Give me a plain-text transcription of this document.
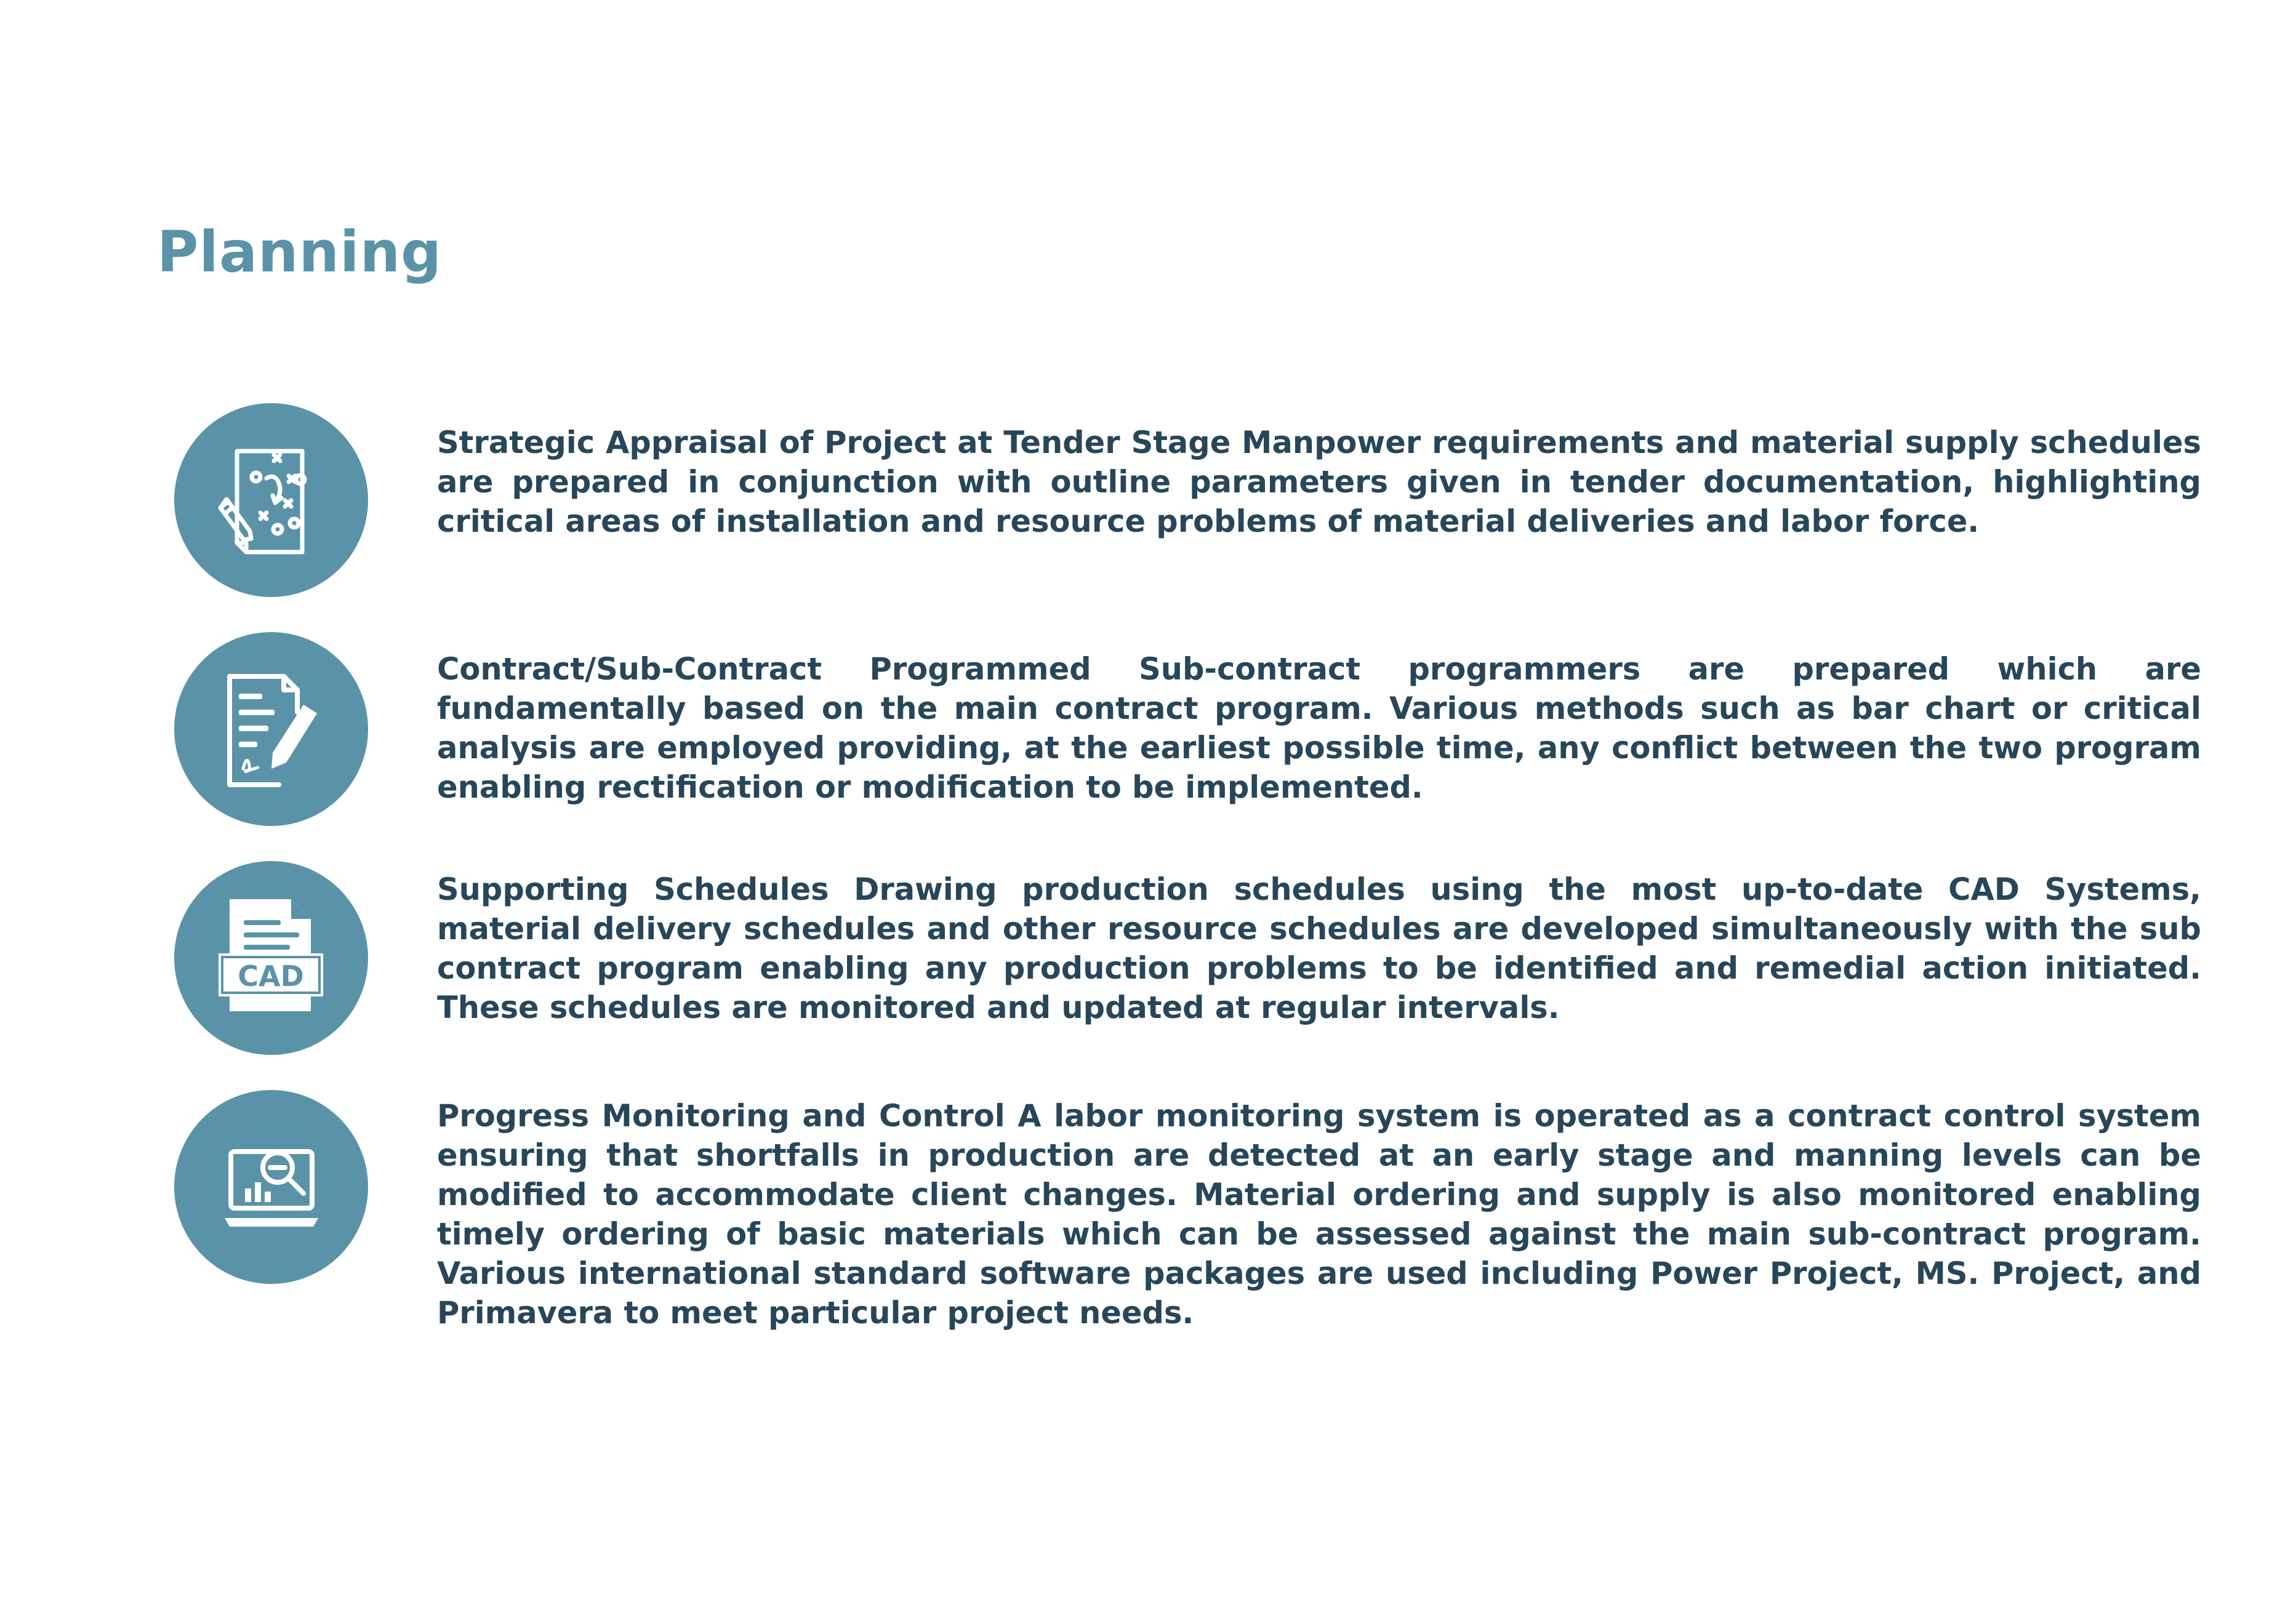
Planning

Strategic Appraisal of Project at Tender Stage Manpower requirements and material supply schedules are prepared in conjunction with outline parameters given in tender documentation, highlighting critical areas of installation and resource problems of material deliveries and labor force.

Contract/Sub-Contract Programmed Sub-contract programmers are prepared which are fundamentally based on the main contract program. Various methods such as bar chart or critical analysis are employed providing, at the earliest possible time, any conflict between the two program enabling rectification or modification to be implemented.

CAD

Supporting Schedules Drawing production schedules using the most up-to-date CAD Systems, material delivery schedules and other resource schedules are developed simultaneously with the sub contract program enabling any production problems to be identified and remedial action initiated. These schedules are monitored and updated at regular intervals.

Progress Monitoring and Control A labor monitoring system is operated as a contract control system ensuring that shortfalls in production are detected at an early stage and manning levels can be modified to accommodate client changes. Material ordering and supply is also monitored enabling timely ordering of basic materials which can be assessed against the main sub-contract program. Various international standard software packages are used including Power Project, MS. Project, and Primavera to meet particular project needs.
